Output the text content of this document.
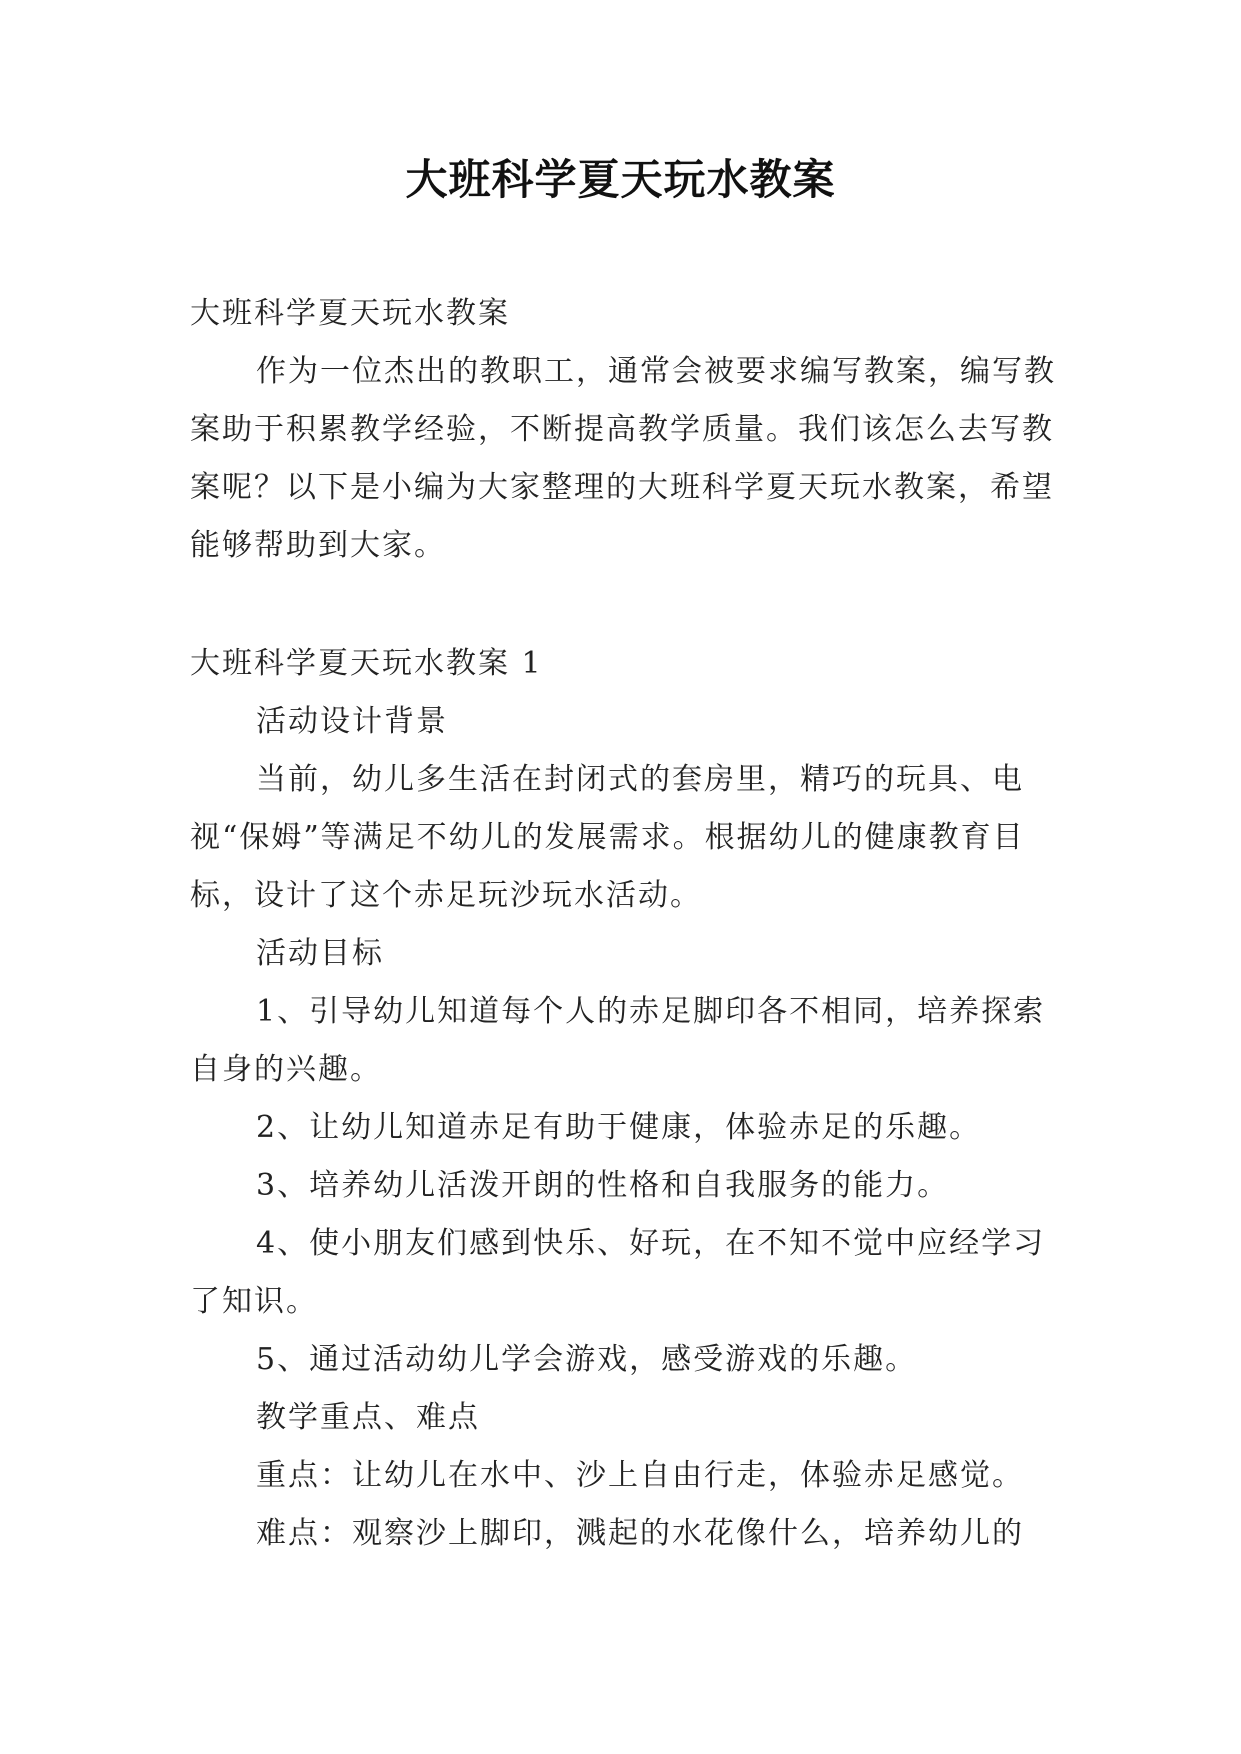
大班科学夏天玩水教案

大班科学夏天玩水教案

作为一位杰出的教职工，通常会被要求编写教案，编写教案助于积累教学经验，不断提高教学质量。我们该怎么去写教案呢？以下是小编为大家整理的大班科学夏天玩水教案，希望能够帮助到大家。

大班科学夏天玩水教案 1

活动设计背景

当前，幼儿多生活在封闭式的套房里，精巧的玩具、电视“保姆”等满足不幼儿的发展需求。根据幼儿的健康教育目标，设计了这个赤足玩沙玩水活动。

活动目标

1、引导幼儿知道每个人的赤足脚印各不相同，培养探索自身的兴趣。

2、让幼儿知道赤足有助于健康，体验赤足的乐趣。

3、培养幼儿活泼开朗的性格和自我服务的能力。

4、使小朋友们感到快乐、好玩，在不知不觉中应经学习了知识。

5、通过活动幼儿学会游戏，感受游戏的乐趣。

教学重点、难点

重点：让幼儿在水中、沙上自由行走，体验赤足感觉。

难点：观察沙上脚印，溅起的水花像什么，培养幼儿的
